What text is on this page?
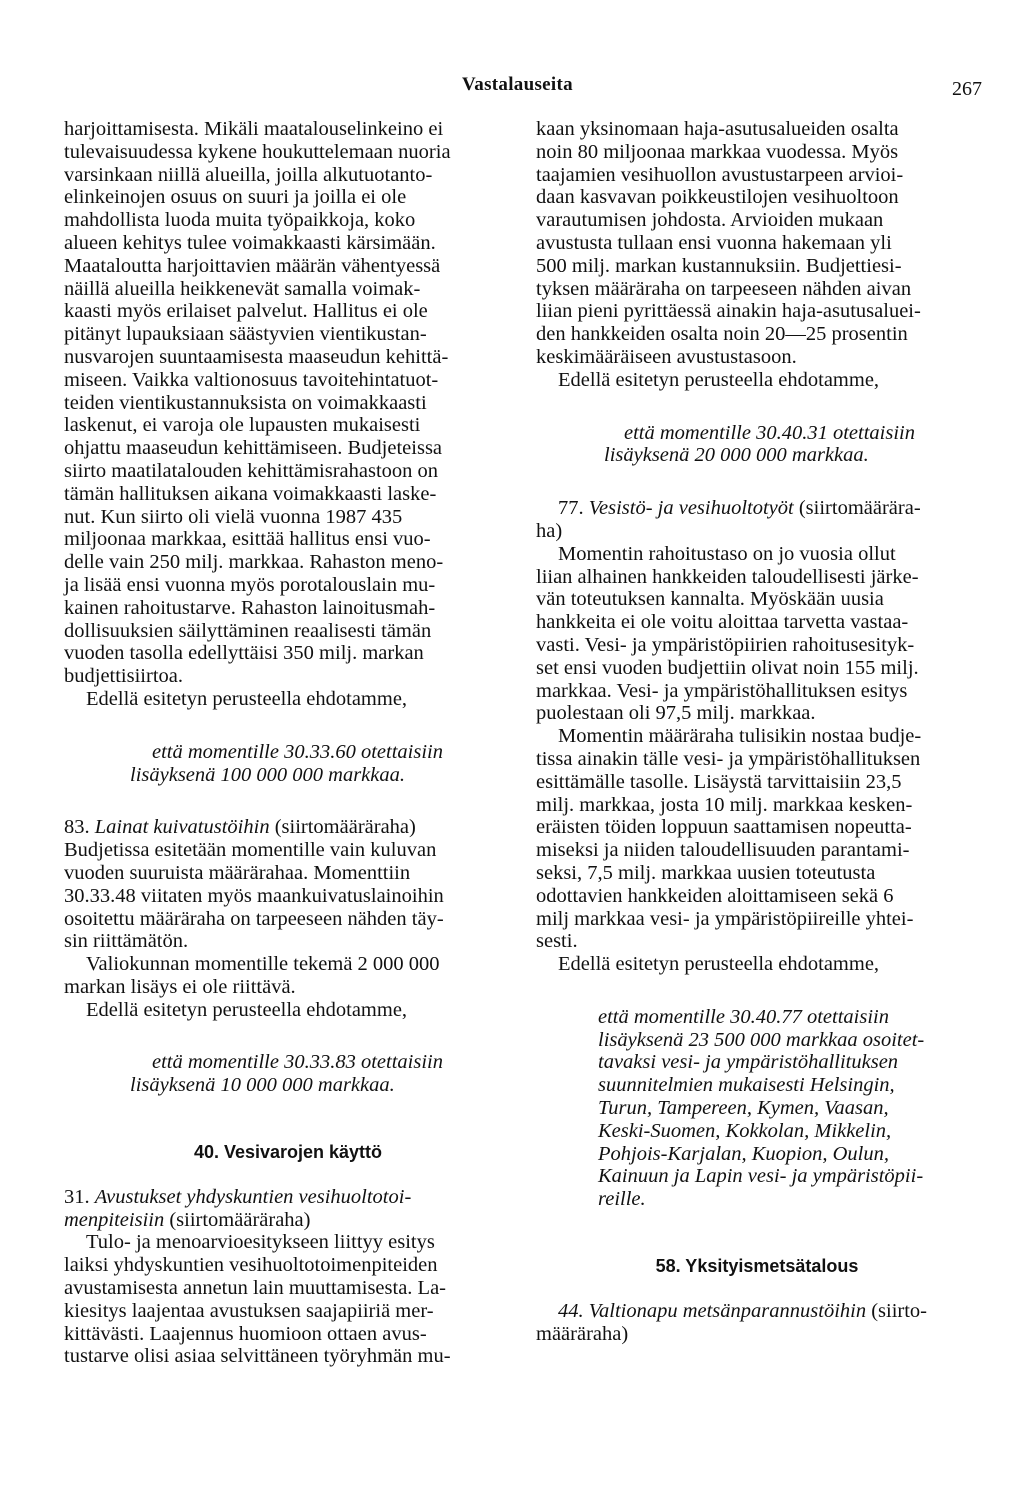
Vastalauseita	267
harjoittamisesta. Mikäli maatalouselinkeino ei
tulevaisuudessa kykene houkuttelemaan nuoria
varsinkaan niillä alueilla, joilla alkutuotanto-
elinkeinojen osuus on suuri ja joilla ei ole
mahdollista luoda muita työpaikkoja, koko
alueen kehitys tulee voimakkaasti kärsimään.
Maataloutta harjoittavien määrän vähentyessä
näillä alueilla heikkenevät samalla voimak-
kaasti myös erilaiset palvelut. Hallitus ei ole
pitänyt lupauksiaan säästyvien vientikustan-
nusvarojen suuntaamisesta maaseudun kehittä-
miseen. Vaikka valtionosuus tavoitehintatuot-
teiden vientikustannuksista on voimakkaasti
laskenut, ei varoja ole lupausten mukaisesti
ohjattu maaseudun kehittämiseen. Budjeteissa
siirto maatilatalouden kehittämisrahastoon on
tämän hallituksen aikana voimakkaasti laske-
nut. Kun siirto oli vielä vuonna 1987 435
miljoonaa markkaa, esittää hallitus ensi vuo-
delle vain 250 milj. markkaa. Rahaston meno-
ja lisää ensi vuonna myös porotalouslain mu-
kainen rahoitustarve. Rahaston lainoitusmah-
dollisuuksien säilyttäminen reaalisesti tämän
vuoden tasolla edellyttäisi 350 milj. markan
budjettisiirtoa.
Edellä esitetyn perusteella ehdotamme,
että momentille 30.33.60 otettaisiin
lisäyksenä 100 000 000 markkaa.
83. Lainat kuivatustöihin (siirtomääräraha)
Budjetissa esitetään momentille vain kuluvan
vuoden suuruista määrärahaa. Momenttiin
30.33.48 viitaten myös maankuivatuslainoihin
osoitettu määräraha on tarpeeseen nähden täy-
sin riittämätön.
Valiokunnan momentille tekemä 2 000 000
markan lisäys ei ole riittävä.
Edellä esitetyn perusteella ehdotamme,
että momentille 30.33.83 otettaisiin
lisäyksenä 10 000 000 markkaa.
40. Vesivarojen käyttö
31. Avustukset yhdyskuntien vesihuoltotoi-
menpiteisiin (siirtomääräraha)
Tulo- ja menoarvioesitykseen liittyy esitys
laiksi yhdyskuntien vesihuoltotoimenpiteiden
avustamisesta annetun lain muuttamisesta. La-
kiesitys laajentaa avustuksen saajapiiriä mer-
kittävästi. Laajennus huomioon ottaen avus-
tustarve olisi asiaa selvittäneen työryhmän mu-
kaan yksinomaan haja-asutusalueiden osalta
noin 80 miljoonaa markkaa vuodessa. Myös
taajamien vesihuollon avustustarpeen arvioi-
daan kasvavan poikkeustilojen vesihuoltoon
varautumisen johdosta. Arvioiden mukaan
avustusta tullaan ensi vuonna hakemaan yli
500 milj. markan kustannuksiin. Budjettiesi-
tyksen määräraha on tarpeeseen nähden aivan
liian pieni pyrittäessä ainakin haja-asutusaluei-
den hankkeiden osalta noin 20—25 prosentin
keskimääräiseen avustustasoon.
Edellä esitetyn perusteella ehdotamme,
että momentille 30.40.31 otettaisiin
lisäyksenä 20 000 000 markkaa.
77. Vesistö- ja vesihuoltotyöt (siirtomäärära-
ha)
Momentin rahoitustaso on jo vuosia ollut
liian alhainen hankkeiden taloudellisesti järke-
vän toteutuksen kannalta. Myöskään uusia
hankkeita ei ole voitu aloittaa tarvetta vastaa-
vasti. Vesi- ja ympäristöpiirien rahoitusesityk-
set ensi vuoden budjettiin olivat noin 155 milj.
markkaa. Vesi- ja ympäristöhallituksen esitys
puolestaan oli 97,5 milj. markkaa.
Momentin määräraha tulisikin nostaa budje-
tissa ainakin tälle vesi- ja ympäristöhallituksen
esittämälle tasolle. Lisäystä tarvittaisiin 23,5
milj. markkaa, josta 10 milj. markkaa kesken-
eräisten töiden loppuun saattamisen nopeutta-
miseksi ja niiden taloudellisuuden parantami-
seksi, 7,5 milj. markkaa uusien toteutusta
odottavien hankkeiden aloittamiseen sekä 6
milj markkaa vesi- ja ympäristöpiireille yhtei-
sesti.
Edellä esitetyn perusteella ehdotamme,
että momentille 30.40.77 otettaisiin
lisäyksenä 23 500 000 markkaa osoitet-
tavaksi vesi- ja ympäristöhallituksen
suunnitelmien mukaisesti Helsingin,
Turun, Tampereen, Kymen, Vaasan,
Keski-Suomen, Kokkolan, Mikkelin,
Pohjois-Karjalan, Kuopion, Oulun,
Kainuun ja Lapin vesi- ja ympäristöpii-
reille.
58. Yksityismetsätalous
44. Valtionapu metsänparannustöihin (siirto-
määräraha)
